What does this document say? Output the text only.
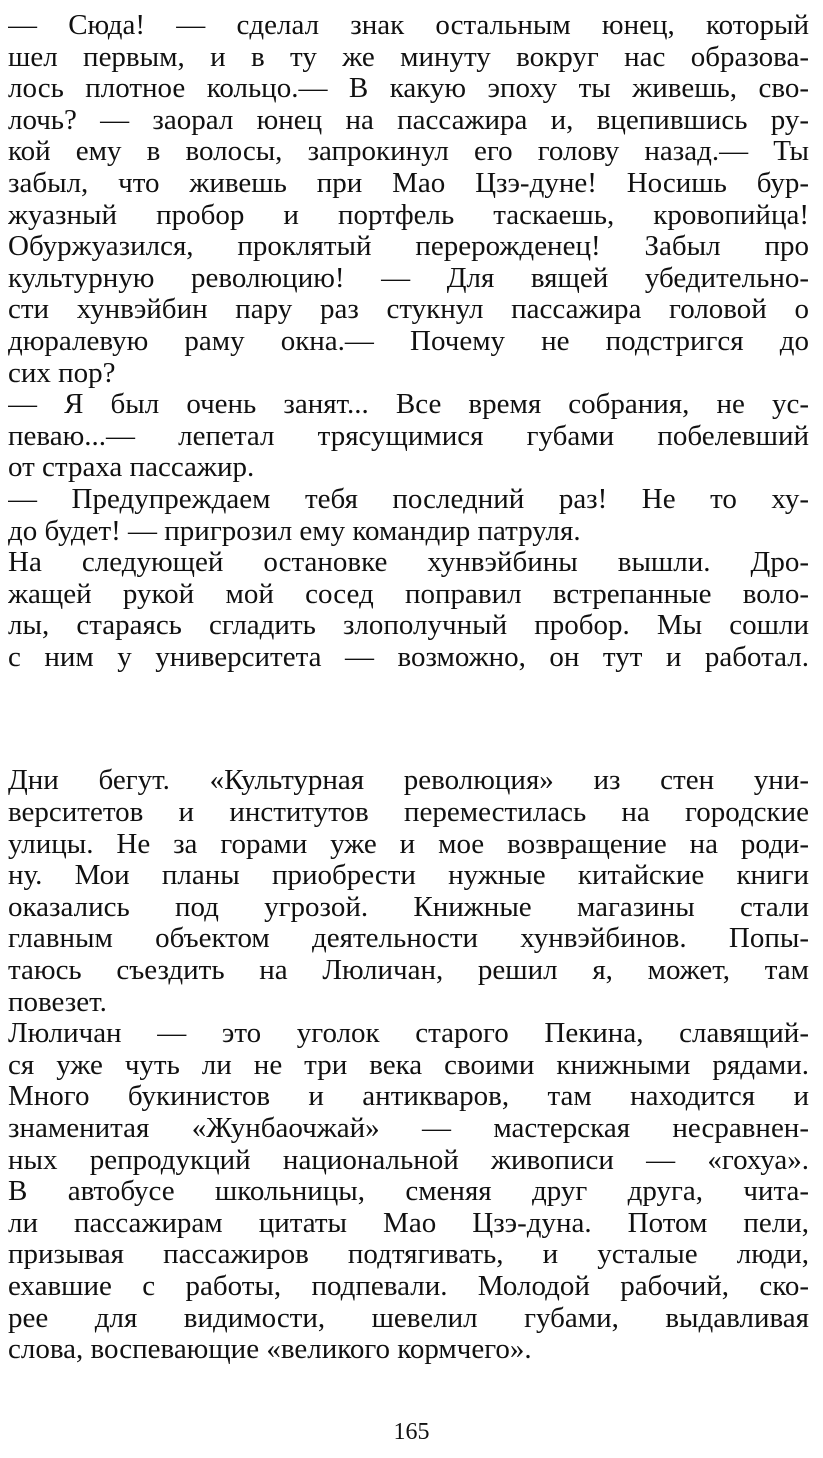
— Сюда! — сделал знак остальным юнец, который
шел первым, и в ту же минуту вокруг нас образова-
лось плотное кольцо.— В какую эпоху ты живешь, сво-
лочь? — заорал юнец на пассажира и, вцепившись ру-
кой ему в волосы, запрокинул его голову назад.— Ты
забыл, что живешь при Мао Цзэ-дуне! Носишь бур-
жуазный пробор и портфель таскаешь, кровопийца!
Обуржуазился, проклятый перерожденец! Забыл про
культурную революцию! — Для вящей убедительно-
сти хунвэйбин пару раз стукнул пассажира головой о
дюралевую раму окна.— Почему не подстригся до
сих пор?
— Я был очень занят... Все время собрания, не ус-
певаю...— лепетал трясущимися губами побелевший
от страха пассажир.
— Предупреждаем тебя последний раз! Не то ху-
до будет! — пригрозил ему командир патруля.
На следующей остановке хунвэйбины вышли. Дро-
жащей рукой мой сосед поправил встрепанные воло-
лы, стараясь сгладить злополучный пробор. Мы сошли
с ним у университета — возможно, он тут и работал.
Дни бегут. «Культурная революция» из стен уни-
верситетов и институтов переместилась на городские
улицы. Не за горами уже и мое возвращение на роди-
ну. Мои планы приобрести нужные китайские книги
оказались под угрозой. Книжные магазины стали
главным объектом деятельности хунвэйбинов. Попы-
таюсь съездить на Люличан, решил я, может, там
повезет.
Люличан — это уголок старого Пекина, славящий-
ся уже чуть ли не три века своими книжными рядами.
Много букинистов и антикваров, там находится и
знаменитая «Жунбаочжай» — мастерская несравнен-
ных репродукций национальной живописи — «гохуа».
В автобусе школьницы, сменяя друг друга, чита-
ли пассажирам цитаты Мао Цзэ-дуна. Потом пели,
призывая пассажиров подтягивать, и усталые люди,
ехавшие с работы, подпевали. Молодой рабочий, ско-
рее для видимости, шевелил губами, выдавливая
слова, воспевающие «великого кормчего».
165
